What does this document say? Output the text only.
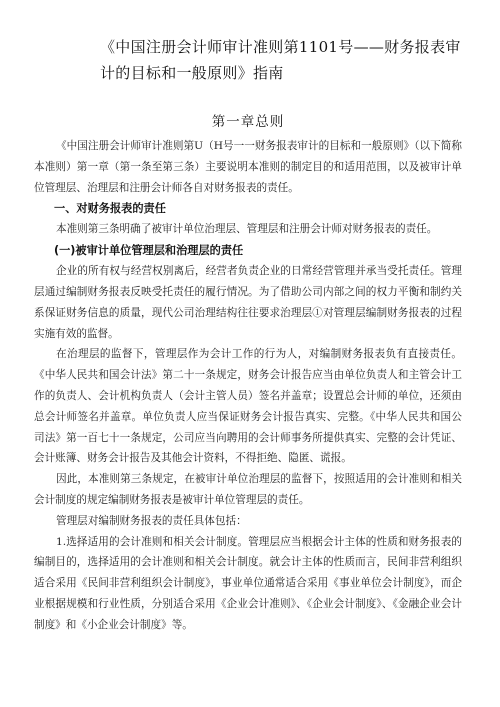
《中国注册会计师审计准则第1101号——财务报表审计的目标和一般原则》指南
第一章总则

《中国注册会计师审计准则第U（H号一一财务报表审计的目标和一般原则》（以下简称本准则）第一章（第一条至第三条）主要说明本准则的制定目的和适用范围，以及被审计单位管理层、治理层和注册会计师各自对财务报表的责任。

一、对财务报表的责任

本准则第三条明确了被审计单位治理层、管理层和注册会计师对财务报表的责任。

(一)被审计单位管理层和治理层的责任

企业的所有权与经营权别离后，经营者负责企业的日常经营管理并承当受托责任。管理层通过编制财务报表反映受托责任的履行情况。为了借助公司内部之间的权力平衡和制约关系保证财务信息的质量，现代公司治理结构往往要求治理层①对管理层编制财务报表的过程实施有效的监督。

在治理层的监督下，管理层作为会计工作的行为人，对编制财务报表负有直接责任。《中华人民共和国会计法》第二十一条规定，财务会计报告应当由单位负责人和主管会计工作的负责人、会计机构负责人（会计主管人员）签名并盖章；设置总会计师的单位，还须由总会计师签名并盖章。单位负责人应当保证财务会计报告真实、完整。《中华人民共和国公司法》第一百七十一条规定，公司应当向聘用的会计师事务所提供真实、完整的会计凭证、会计账簿、财务会计报告及其他会计资料，不得拒绝、隐匿、谎报。

因此，本准则第三条规定，在被审计单位治理层的监督下，按照适用的会计准则和相关会计制度的规定编制财务报表是被审计单位管理层的责任。

管理层对编制财务报表的责任具体包括：

1.选择适用的会计准则和相关会计制度。管理层应当根据会计主体的性质和财务报表的编制目的，选择适用的会计准则和相关会计制度。就会计主体的性质而言，民间非营利组织适合采用《民间非营利组织会计制度》，事业单位通常适合采用《事业单位会计制度》，而企业根据规模和行业性质，分别适合采用《企业会计准则》、《企业会计制度》、《金融企业会计制度》和《小企业会计制度》等。
